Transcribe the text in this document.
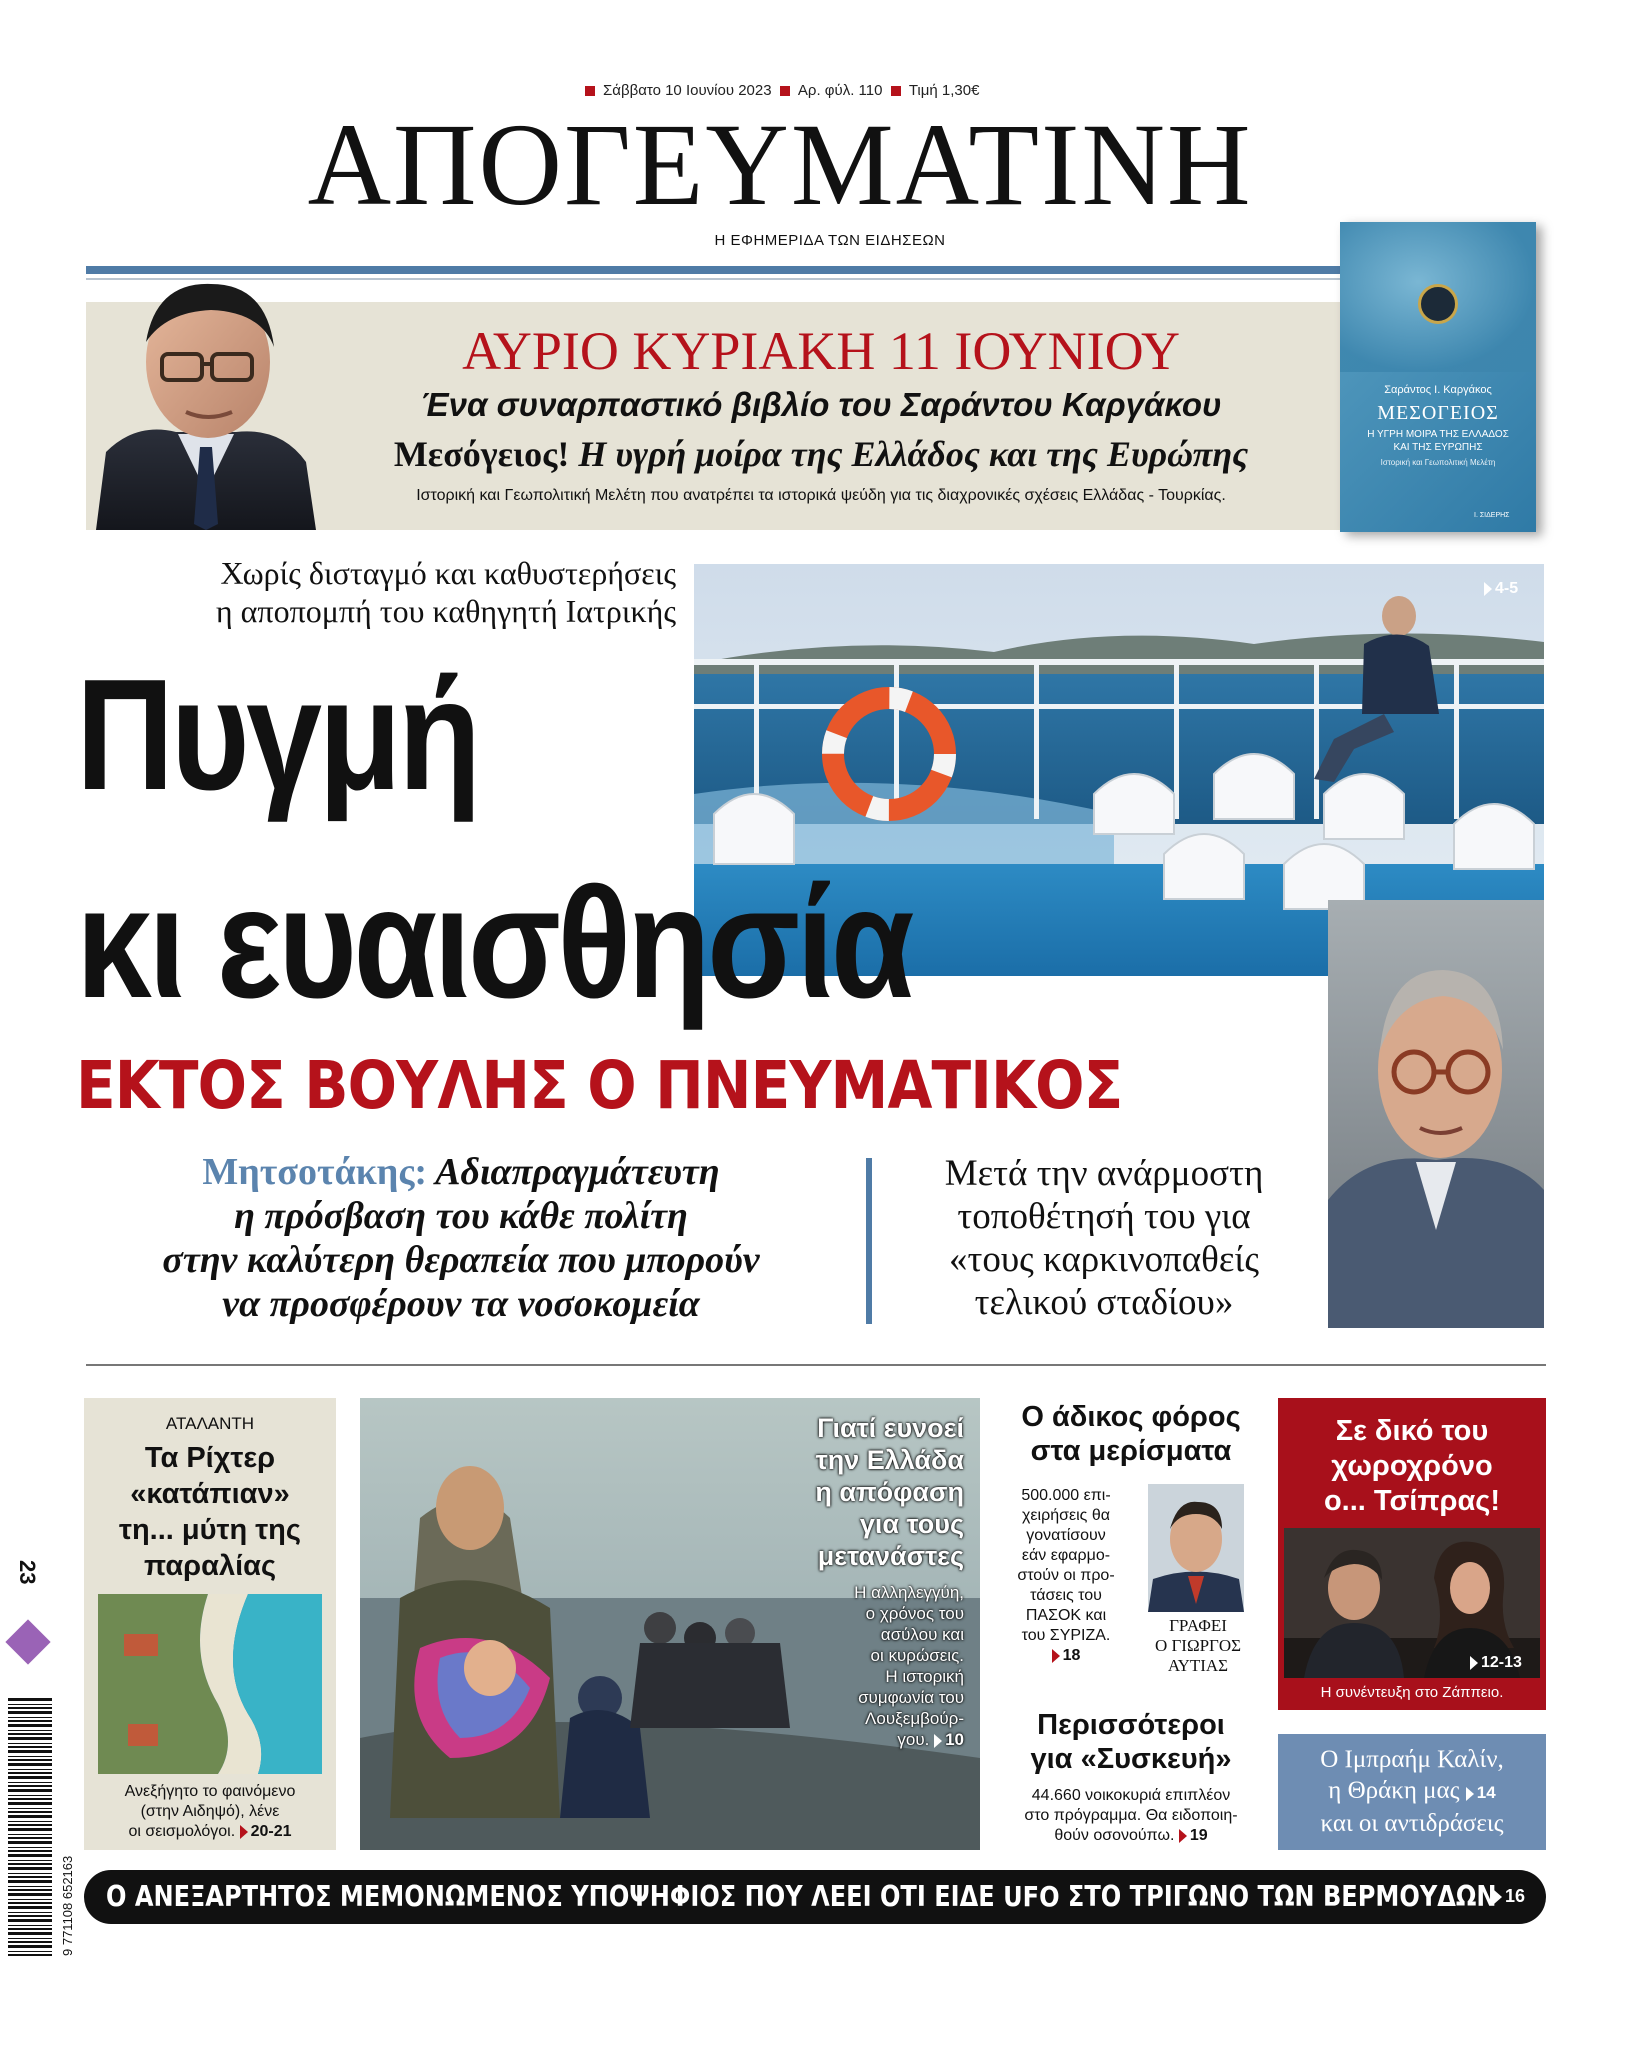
Σάββατο 10 Ιουνίου 2023 Αρ. φύλ. 110 Τιμή 1,30€
ΑΠΟΓΕΥΜΑΤΙΝΗ
Η ΕΦΗΜΕΡΙΔΑ ΤΩΝ ΕΙΔΗΣΕΩΝ
ΑΥΡΙΟ ΚΥΡΙΑΚΗ 11 ΙΟΥΝΙΟΥ
Ένα συναρπαστικό βιβλίο του Σαράντου Καργάκου
Μεσόγειος! Η υγρή μοίρα της Ελλάδος και της Ευρώπης
Ιστορική και Γεωπολιτική Μελέτη που ανατρέπει τα ιστορικά ψεύδη για τις διαχρονικές σχέσεις Ελλάδας - Τουρκίας.
Σαράντος Ι. Καργάκος
ΜΕΣΟΓΕΙΟΣ
Η ΥΓΡΗ ΜΟΙΡΑ ΤΗΣ ΕΛΛΑΔΟΣ ΚΑΙ ΤΗΣ ΕΥΡΩΠΗΣ
Ιστορική και Γεωπολιτική Μελέτη
Ι. ΣΙΔΕΡΗΣ
Χωρίς δισταγμό και καθυστερήσεις
η αποπομπή του καθηγητή Ιατρικής
4-5
Πυγμή
κι ευαισθησία
ΕΚΤΟΣ ΒΟΥΛΗΣ Ο ΠΝΕΥΜΑΤΙΚΟΣ
Μητσοτάκης: Αδιαπραγμάτευτη
η πρόσβαση του κάθε πολίτη
στην καλύτερη θεραπεία που μπορούν
να προσφέρουν τα νοσοκομεία
Μετά την ανάρμοστη
τοποθέτησή του για
«τους καρκινοπαθείς
τελικού σταδίου»
23
9 771108 652163
ΑΤΑΛΑΝΤΗ
Τα Ρίχτερ
«κατάπιαν»
τη... μύτη της
παραλίας
Ανεξήγητο το φαινόμενο
(στην Αιδηψό), λένε
οι σεισμολόγοι. 20-21
Γιατί ευνοεί
την Ελλάδα
η απόφαση
για τους
μετανάστες
Η αλληλεγγύη,
ο χρόνος του
ασύλου και
οι κυρώσεις.
Η ιστορική
συμφωνία του
Λουξεμβούρ-
γου. 10
Ο άδικος φόρος
στα μερίσματα
500.000 επι-
χειρήσεις θα
γονατίσουν
εάν εφαρμο-
στούν οι προ-
τάσεις του
ΠΑΣΟΚ και
του ΣΥΡΙΖΑ.
18
ΓΡΑΦΕΙ
Ο ΓΙΩΡΓΟΣ
ΑΥΤΙΑΣ
Περισσότεροι
για «Συσκευή»
44.660 νοικοκυριά επιπλέον
στο πρόγραμμα. Θα ειδοποιη-
θούν οσονούπω. 19
Σε δικό του
χωροχρόνο
ο... Τσίπρας!
12-13
Η συνέντευξη στο Ζάππειο.
Ο Ιμπραήμ Καλίν,
η Θράκη μας 14
και οι αντιδράσεις
Ο ΑΝΕΞΑΡΤΗΤΟΣ ΜΕΜΟΝΩΜΕΝΟΣ ΥΠΟΨΗΦΙΟΣ ΠΟΥ ΛΕΕΙ ΟΤΙ ΕΙΔΕ UFO ΣΤΟ ΤΡΙΓΩΝΟ ΤΩΝ ΒΕΡΜΟΥΔΩΝ 16
